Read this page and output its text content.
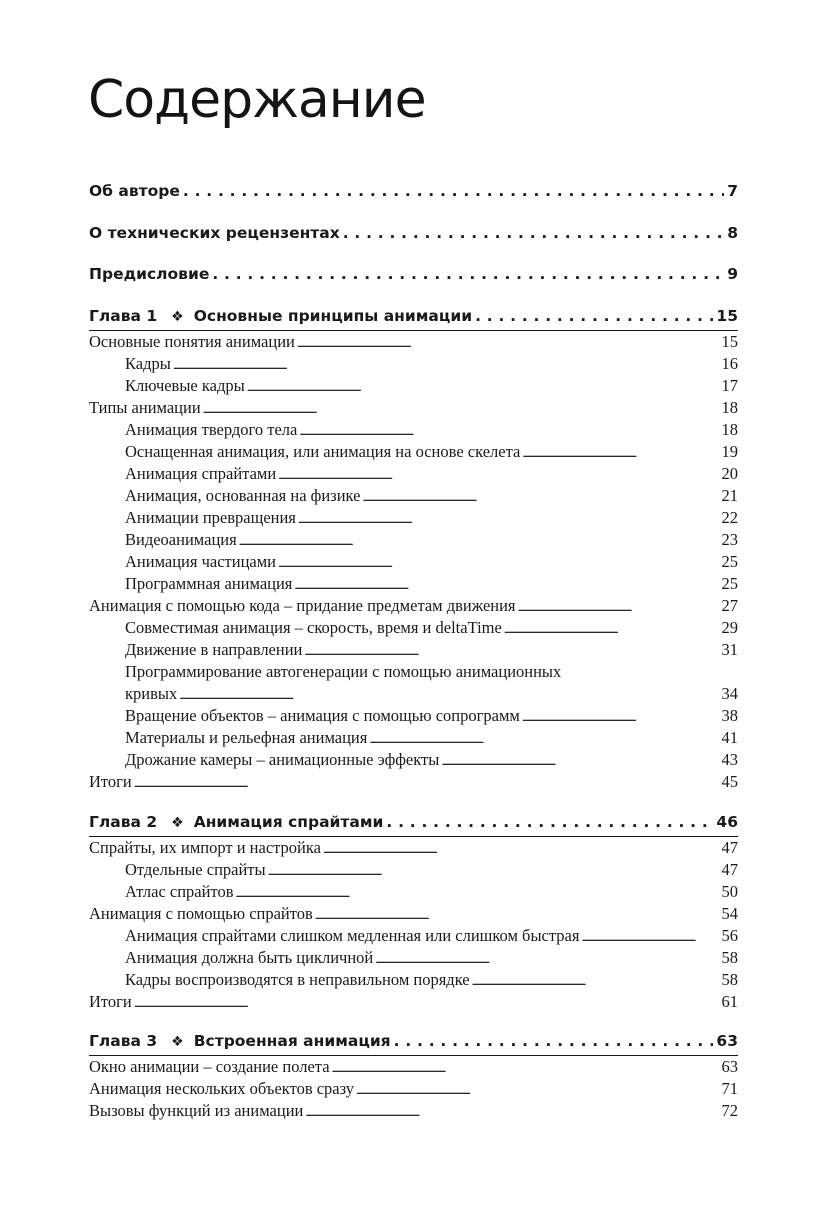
Содержание
Об авторе . . .	7
О технических рецензентах . . .	8
Предисловие . . .	9
Глава 1 ❖ Основные принципы анимации . . .	15
Основные понятия анимации . . .	15
Кадры . . .	16
Ключевые кадры . . .	17
Типы анимации . . .	18
Анимация твердого тела . . .	18
Оснащенная анимация, или анимация на основе скелета . . .	19
Анимация спрайтами . . .	20
Анимация, основанная на физике . . .	21
Анимации превращения . . .	22
Видеоанимация . . .	23
Анимация частицами . . .	25
Программная анимация . . .	25
Анимация с помощью кода – придание предметам движения . . .	27
Совместимая анимация – скорость, время и deltaTime . . .	29
Движение в направлении . . .	31
Программирование автогенерации с помощью анимационных
кривых . . .	34
Вращение объектов – анимация с помощью сопрограмм . . .	38
Материалы и рельефная анимация . . .	41
Дрожание камеры – анимационные эффекты . . .	43
Итоги . . .	45
Глава 2 ❖ Анимация спрайтами . . .	46
Спрайты, их импорт и настройка . . .	47
Отдельные спрайты . . .	47
Атлас спрайтов . . .	50
Анимация с помощью спрайтов . . .	54
Анимация спрайтами слишком медленная или слишком быстрая . . .	56
Анимация должна быть цикличной . . .	58
Кадры воспроизводятся в неправильном порядке . . .	58
Итоги . . .	61
Глава 3 ❖ Встроенная анимация . . .	63
Окно анимации – создание полета . . .	63
Анимация нескольких объектов сразу . . .	71
Вызовы функций из анимации . . .	72
